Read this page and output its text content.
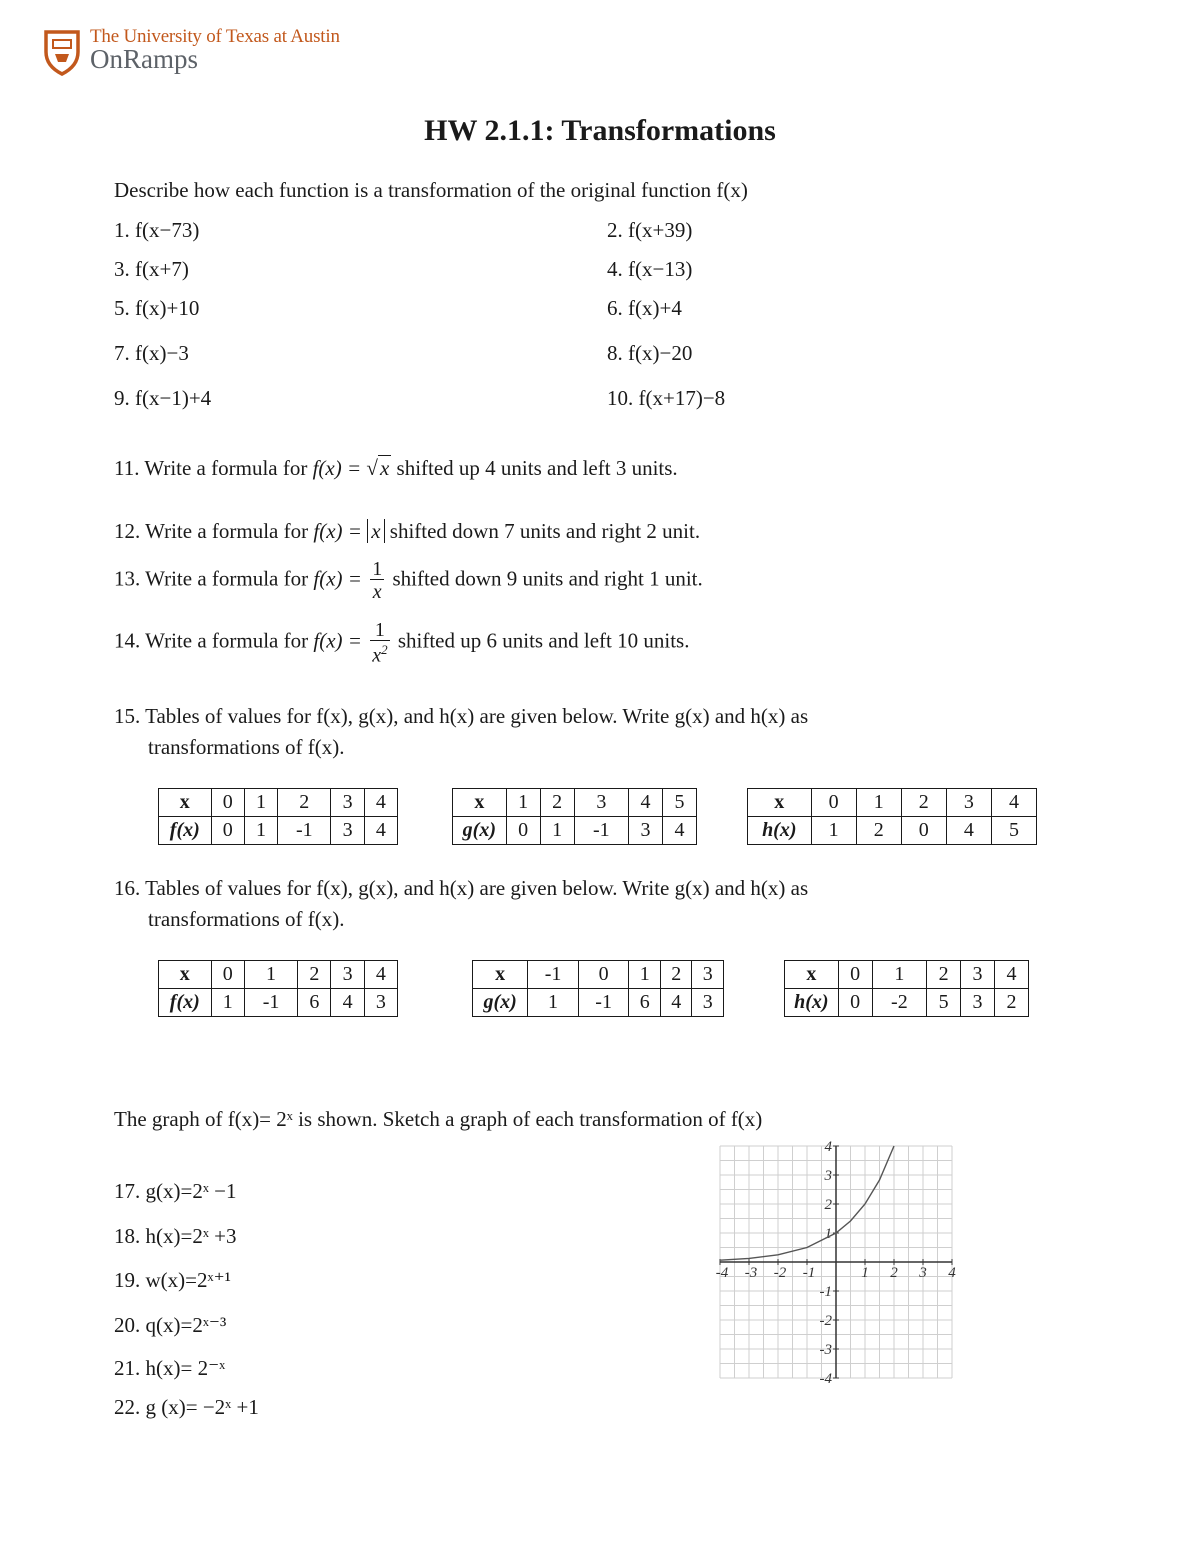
The University of Texas at Austin
OnRamps
HW 2.1.1: Transformations
Describe how each function is a transformation of the original function f(x)
1. f(x−73)	2. f(x+39)
3. f(x+7)	4. f(x−13)
5. f(x)+10	6. f(x)+4
7. f(x)−3	8. f(x)−20
9. f(x−1)+4	10. f(x+17)−8
11. Write a formula for f(x) = √x shifted up 4 units and left 3 units.
12. Write a formula for f(x) = x shifted down 7 units and right 2 unit.
13. Write a formula for $f(x) = \frac{1}{x}$ shifted down 9 units and right 1 unit.
14. Write a formula for $f(x) = \frac{1}{x^2}$ shifted up 6 units and left 10 units.
15. Tables of values for f(x), g(x), and h(x) are given below. Write g(x) and h(x) as
transformations of f(x).
x	0	1	2	3	4
f(x)	0	1	-1	3	4
x	1	2	3	4	5
g(x)	0	1	-1	3	4
x	0	1	2	3	4
h(x)	1	2	0	4	5
16. Tables of values for f(x), g(x), and h(x) are given below. Write g(x) and h(x) as
transformations of f(x).
x	0	1	2	3	4
f(x)	1	-1	6	4	3
x	-1	0	1	2	3
g(x)	1	-1	6	4	3
x	0	1	2	3	4
h(x)	0	-2	5	3	2
The graph of f(x)= 2ˣ is shown. Sketch a graph of each transformation of f(x)
17. g(x)=2ˣ −1
18. h(x)=2ˣ +3
19. w(x)=2ˣ⁺¹
20. q(x)=2ˣ⁻³
21. h(x)= 2⁻ˣ
22. g (x)= −2ˣ +1
-4 -3 -2 -1	1 2 3 4
4
3
2
1
-1
-2
-3
-4
